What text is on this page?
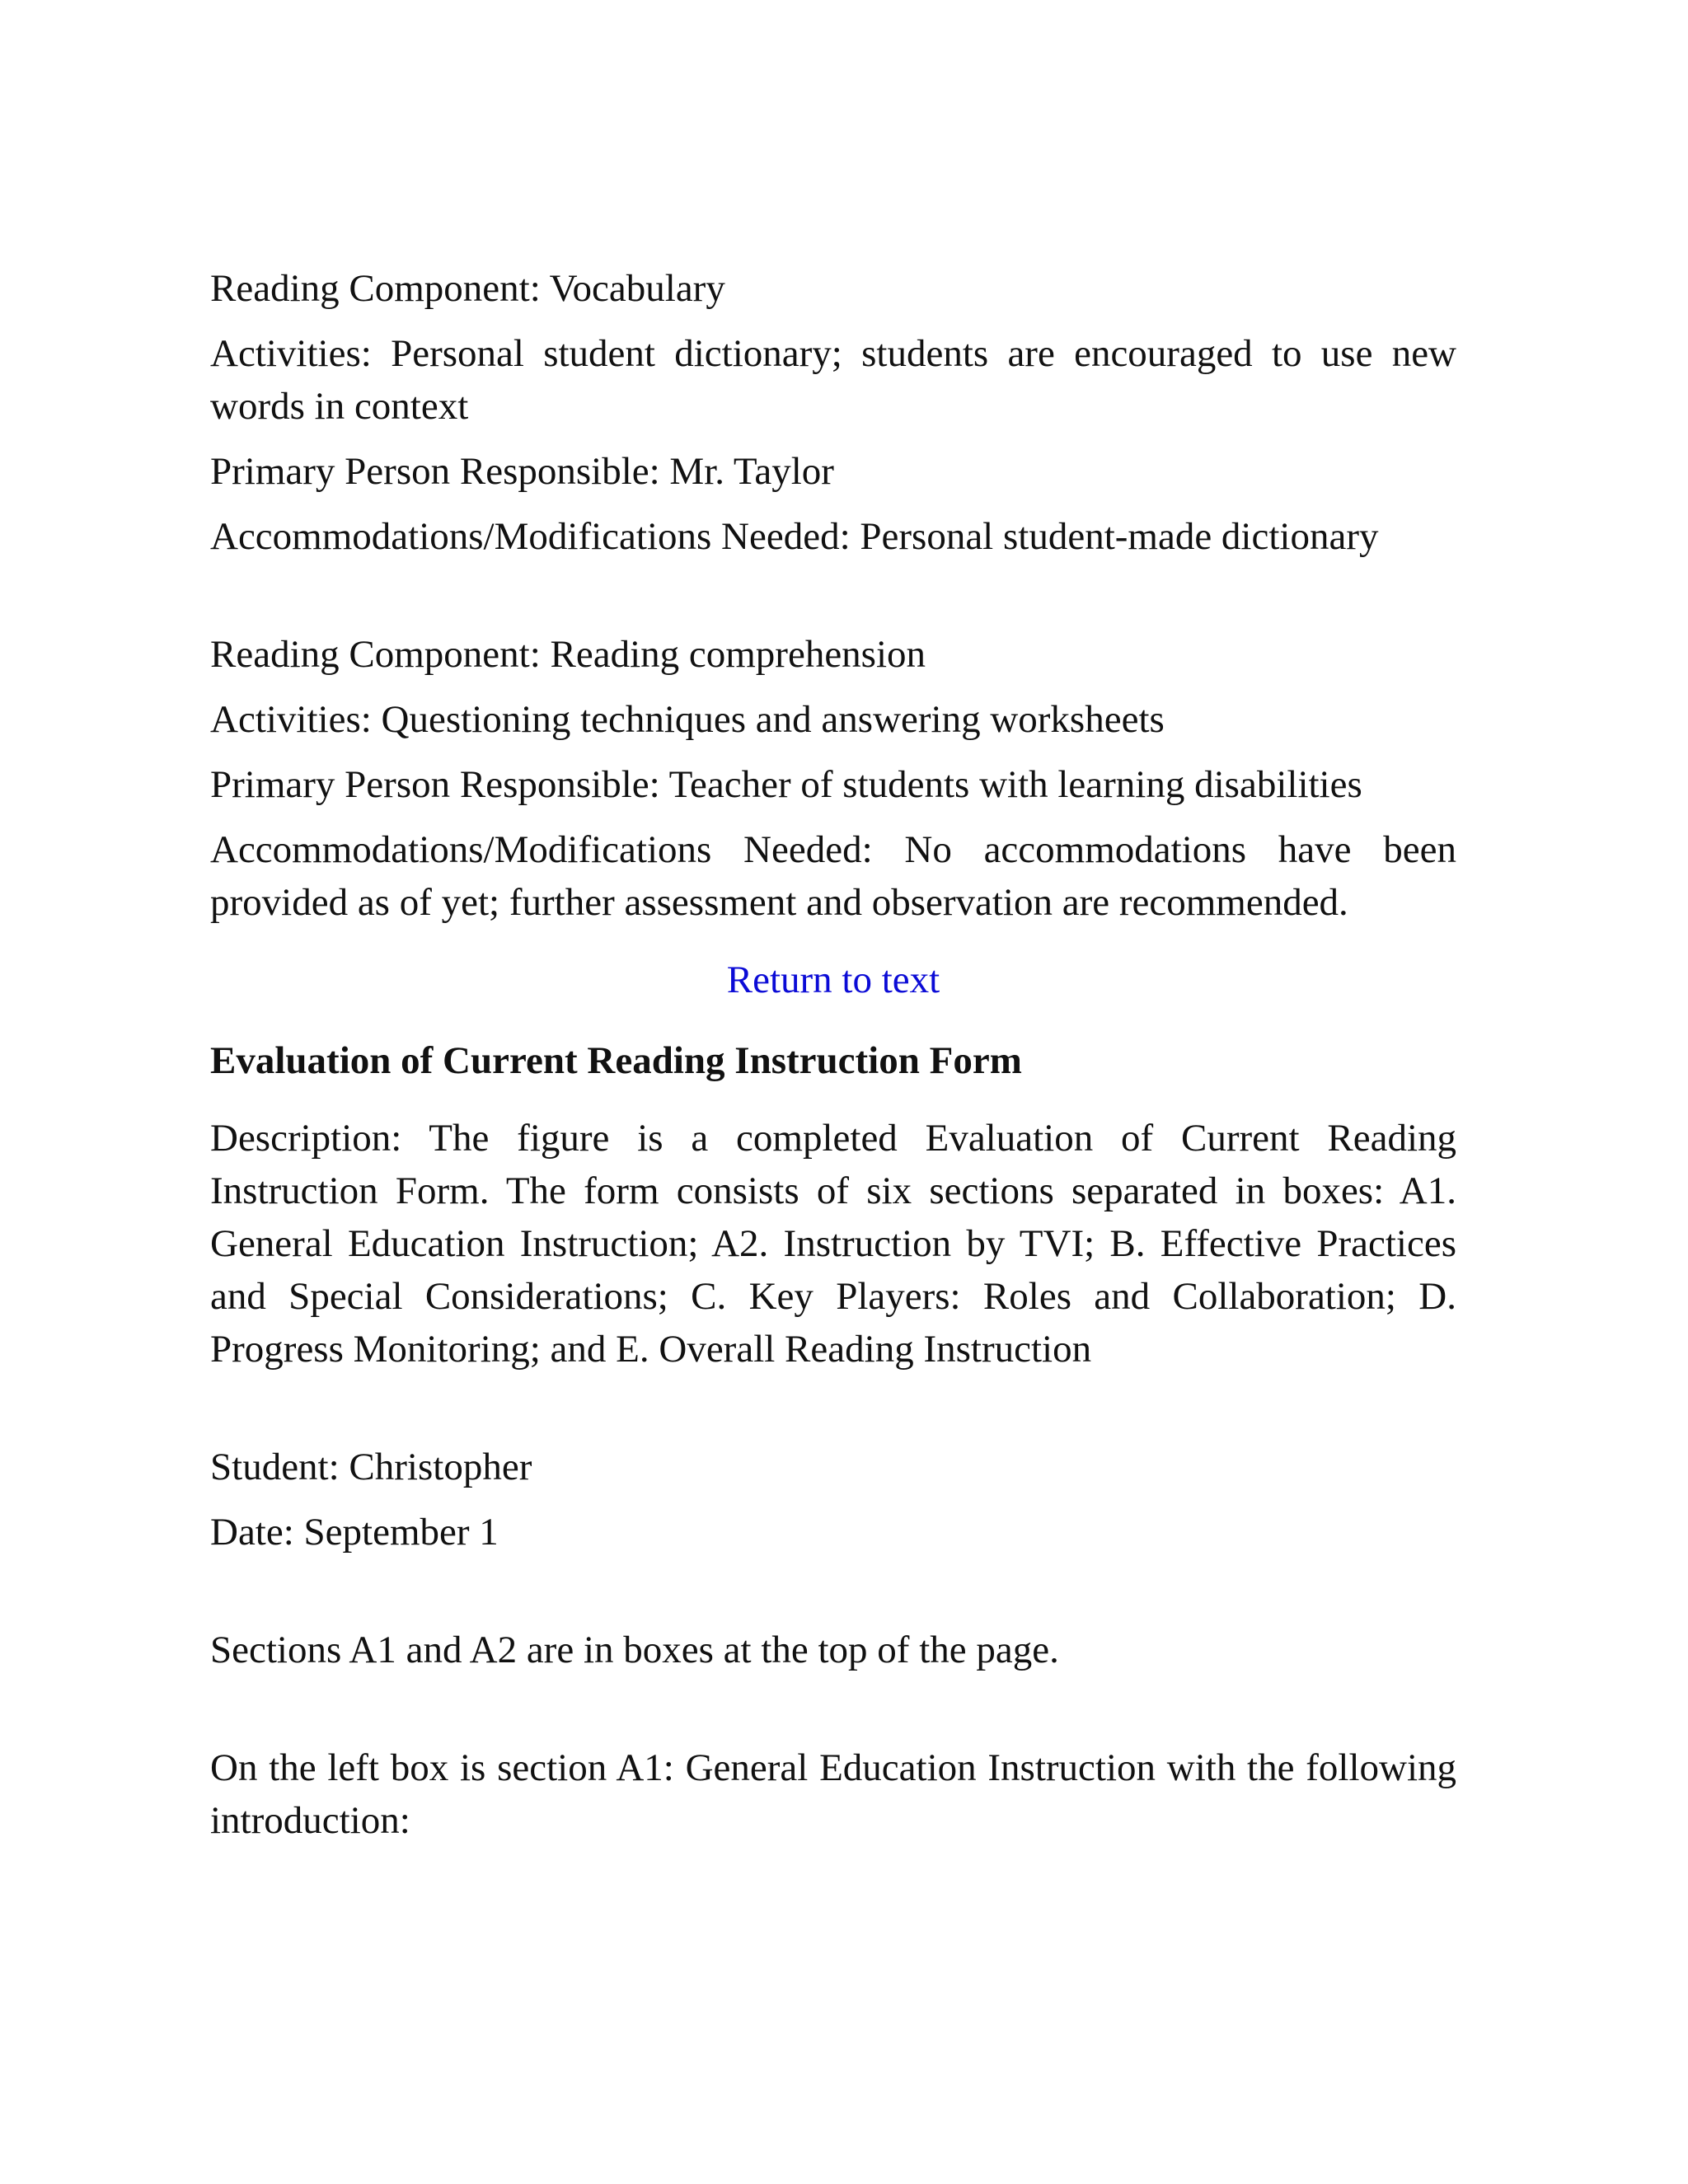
Reading Component: Vocabulary

Activities: Personal student dictionary; students are encouraged to use new words in context

Primary Person Responsible: Mr. Taylor

Accommodations/Modifications Needed: Personal student-made dictionary

Reading Component: Reading comprehension

Activities: Questioning techniques and answering worksheets

Primary Person Responsible: Teacher of students with learning disabilities

Accommodations/Modifications Needed: No accommodations have been provided as of yet; further assessment and observation are recommended.

Return to text

Evaluation of Current Reading Instruction Form

Description: The figure is a completed Evaluation of Current Reading Instruction Form. The form consists of six sections separated in boxes: A1. General Education Instruction; A2. Instruction by TVI; B. Effective Practices and Special Considerations; C. Key Players: Roles and Collaboration; D. Progress Monitoring; and E. Overall Reading Instruction

Student: Christopher

Date: September 1

Sections A1 and A2 are in boxes at the top of the page.

On the left box is section A1: General Education Instruction with the following introduction:
